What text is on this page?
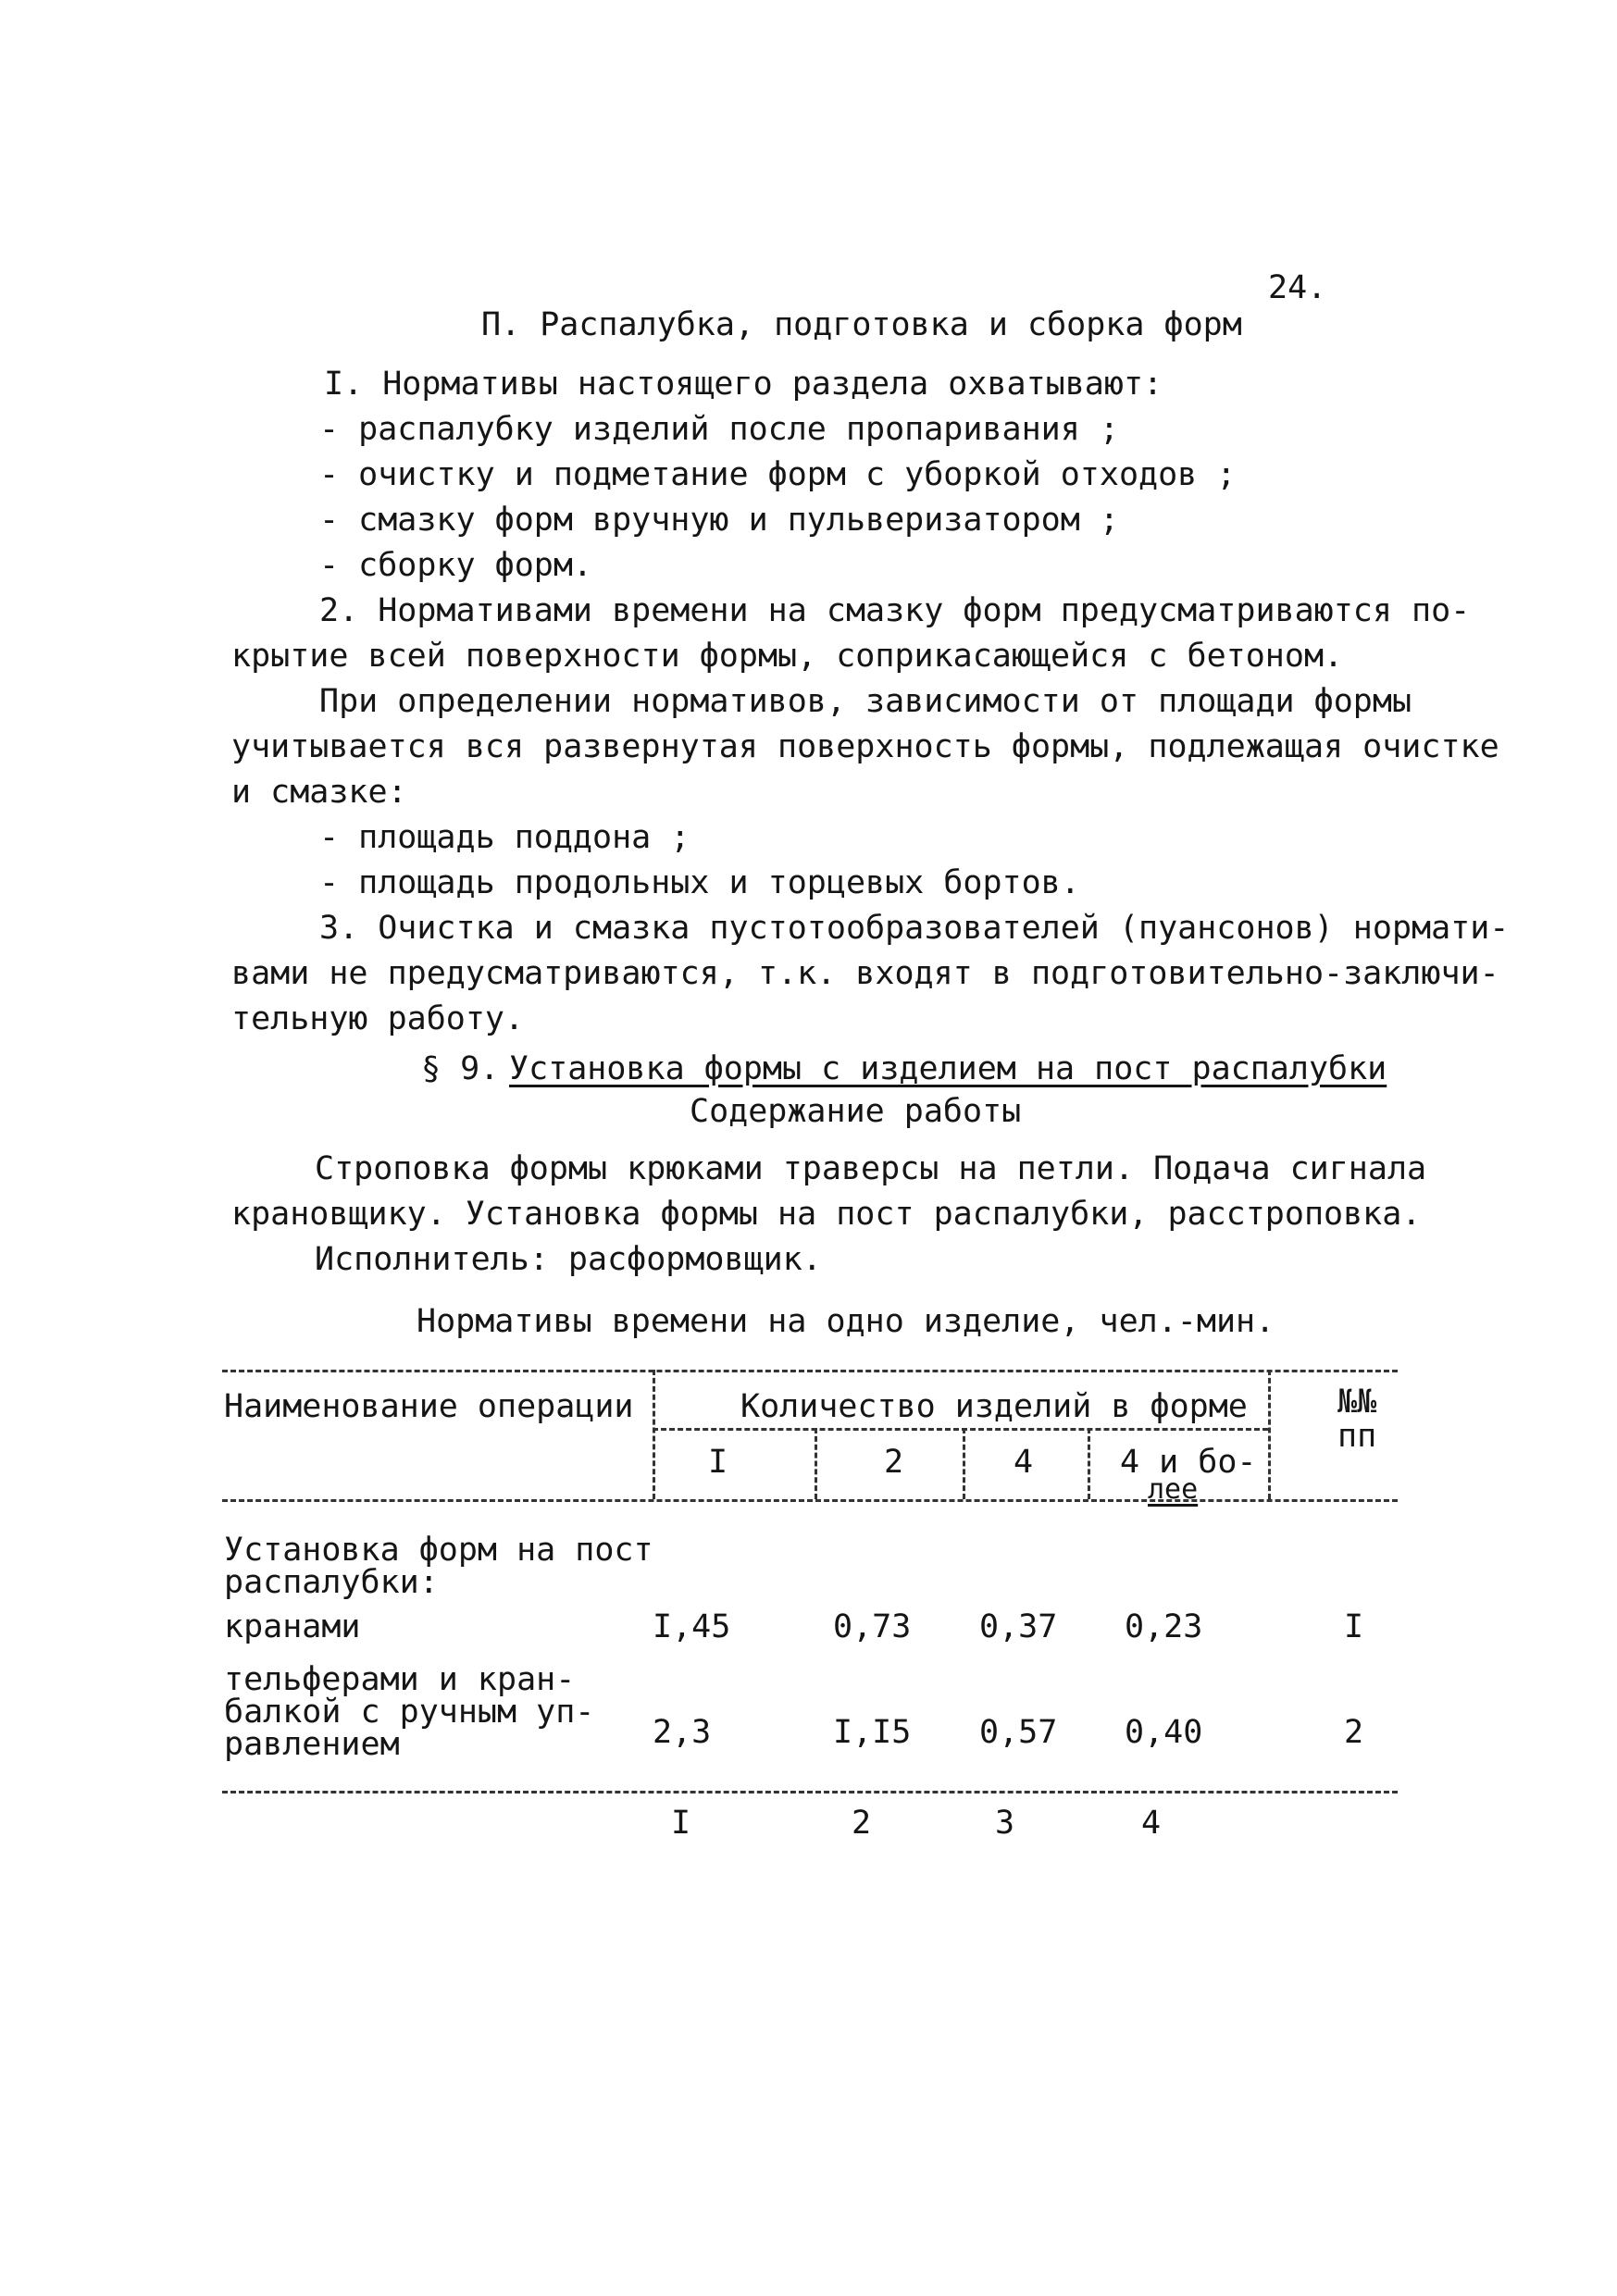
24.
П. Распалубка, подготовка и сборка форм
I. Нормативы настоящего раздела охватывают:
- распалубку изделий после пропаривания ;
- очистку и подметание форм с уборкой отходов ;
- смазку форм вручную и пульверизатором ;
- сборку форм.
2. Нормативами времени на смазку форм предусматриваются по-
крытие всей поверхности формы, соприкасающейся с бетоном.
При определении нормативов, зависимости от площади формы
учитывается вся развернутая поверхность формы, подлежащая очистке
и смазке:
- площадь поддона ;
- площадь продольных и торцевых бортов.
3. Очистка и смазка пустотообразователей (пуансонов) нормати-
вами не предусматриваются, т.к. входят в подготовительно-заключи-
тельную работу.
§ 9. Установка формы с изделием на пост распалубки
Содержание работы
Строповка формы крюками траверсы на петли. Подача сигнала
крановщику. Установка формы на пост распалубки, расстроповка.
Исполнитель: расформовщик.
Нормативы времени на одно изделие, чел.-мин.
Наименование операции	Количество изделий в форме	№№
пп
I	2	4	4 и бо-
лее
Установка форм на пост
распалубки:
кранами	I,45	0,73 0,37 0,23	I
тельферами и кран-
балкой с ручным уп-
равлением	2,3	I,I5 0,57 0,40	2
I	2	3	4
